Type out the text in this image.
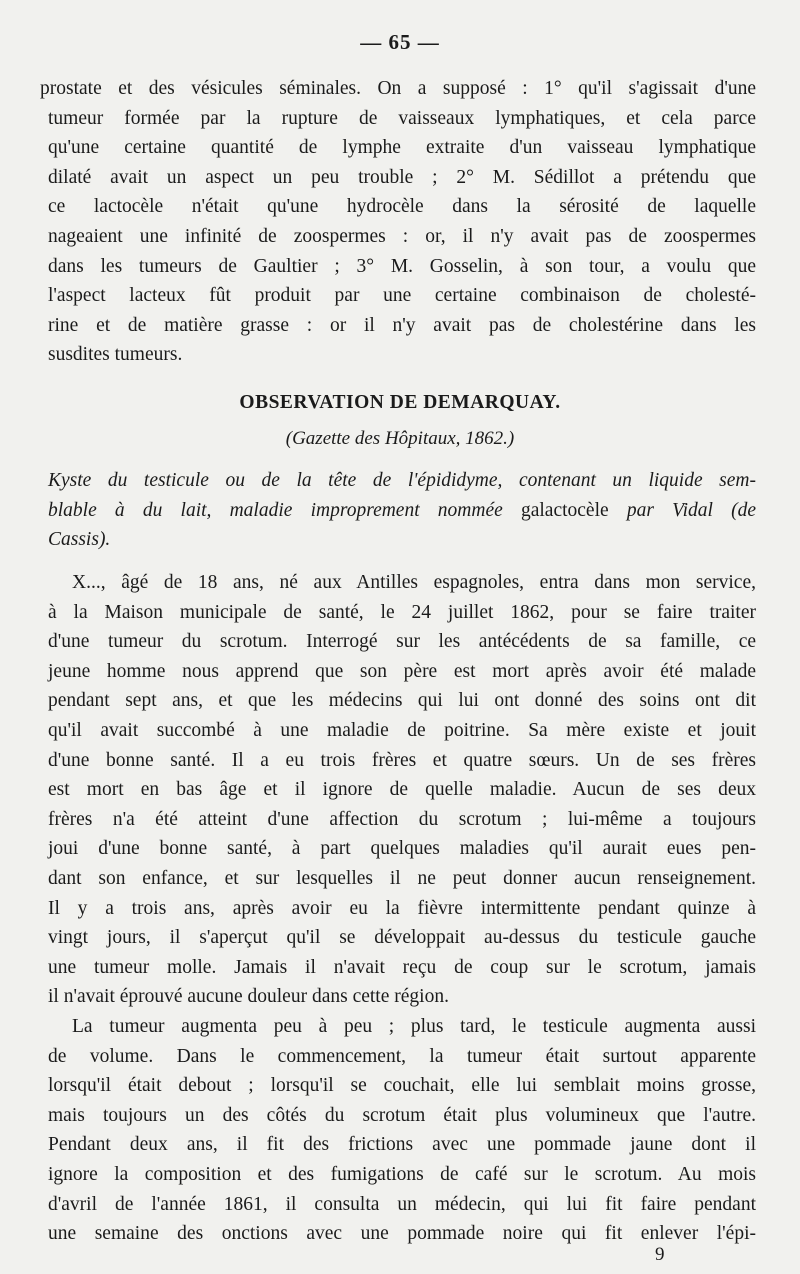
— 65 —
prostate et des vésicules séminales. On a supposé : 1° qu'il s'agissait d'une
tumeur formée par la rupture de vaisseaux lymphatiques, et cela parce
qu'une certaine quantité de lymphe extraite d'un vaisseau lymphatique
dilaté avait un aspect un peu trouble ; 2° M. Sédillot a prétendu que
ce lactocèle n'était qu'une hydrocèle dans la sérosité de laquelle
nageaient une infinité de zoospermes : or, il n'y avait pas de zoospermes
dans les tumeurs de Gaultier ; 3° M. Gosselin, à son tour, a voulu que
l'aspect lacteux fût produit par une certaine combinaison de cholesté-
rine et de matière grasse : or il n'y avait pas de cholestérine dans les
susdites tumeurs.
OBSERVATION DE DEMARQUAY.
(Gazette des Hôpitaux, 1862.)
Kyste du testicule ou de la tête de l'épididyme, contenant un liquide sem-
blable à du lait, maladie improprement nommée galactocèle par Vidal (de
Cassis).
X..., âgé de 18 ans, né aux Antilles espagnoles, entra dans mon service,
à la Maison municipale de santé, le 24 juillet 1862, pour se faire traiter
d'une tumeur du scrotum. Interrogé sur les antécédents de sa famille, ce
jeune homme nous apprend que son père est mort après avoir été malade
pendant sept ans, et que les médecins qui lui ont donné des soins ont dit
qu'il avait succombé à une maladie de poitrine. Sa mère existe et jouit
d'une bonne santé. Il a eu trois frères et quatre sœurs. Un de ses frères
est mort en bas âge et il ignore de quelle maladie. Aucun de ses deux
frères n'a été atteint d'une affection du scrotum ; lui-même a toujours
joui d'une bonne santé, à part quelques maladies qu'il aurait eues pen-
dant son enfance, et sur lesquelles il ne peut donner aucun renseignement.
Il y a trois ans, après avoir eu la fièvre intermittente pendant quinze à
vingt jours, il s'aperçut qu'il se développait au-dessus du testicule gauche
une tumeur molle. Jamais il n'avait reçu de coup sur le scrotum, jamais
il n'avait éprouvé aucune douleur dans cette région.
La tumeur augmenta peu à peu ; plus tard, le testicule augmenta aussi
de volume. Dans le commencement, la tumeur était surtout apparente
lorsqu'il était debout ; lorsqu'il se couchait, elle lui semblait moins grosse,
mais toujours un des côtés du scrotum était plus volumineux que l'autre.
Pendant deux ans, il fit des frictions avec une pommade jaune dont il
ignore la composition et des fumigations de café sur le scrotum. Au mois
d'avril de l'année 1861, il consulta un médecin, qui lui fit faire pendant
une semaine des onctions avec une pommade noire qui fit enlever l'épi-
9
